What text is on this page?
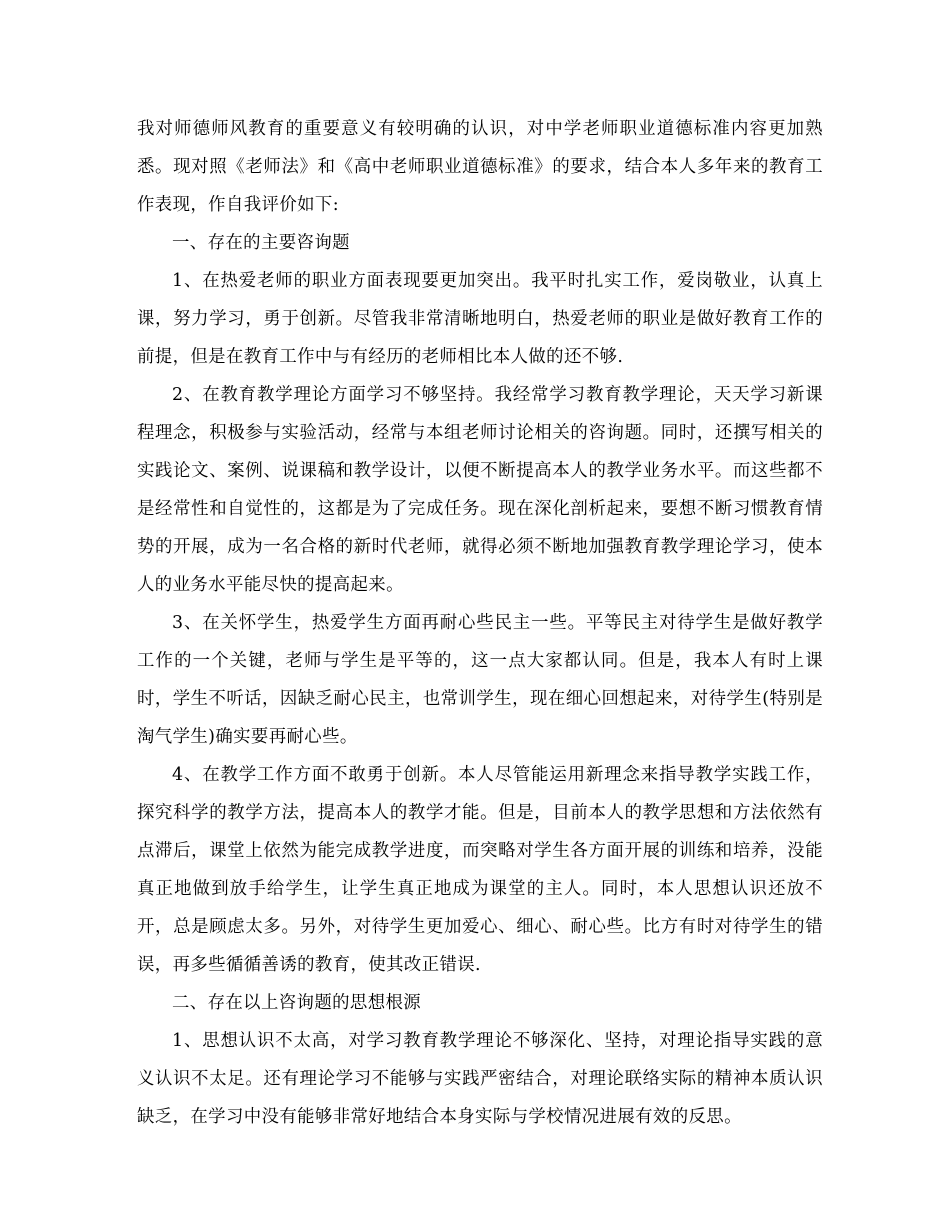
我对师德师风教育的重要意义有较明确的认识，对中学老师职业道德标准内容更加熟悉。现对照《老师法》和《高中老师职业道德标准》的要求，结合本人多年来的教育工作表现，作自我评价如下:

一、存在的主要咨询题

1、在热爱老师的职业方面表现要更加突出。我平时扎实工作，爱岗敬业，认真上课，努力学习，勇于创新。尽管我非常清晰地明白，热爱老师的职业是做好教育工作的前提，但是在教育工作中与有经历的老师相比本人做的还不够.

2、在教育教学理论方面学习不够坚持。我经常学习教育教学理论，天天学习新课程理念，积极参与实验活动，经常与本组老师讨论相关的咨询题。同时，还撰写相关的实践论文、案例、说课稿和教学设计，以便不断提高本人的教学业务水平。而这些都不是经常性和自觉性的，这都是为了完成任务。现在深化剖析起来，要想不断习惯教育情势的开展，成为一名合格的新时代老师，就得必须不断地加强教育教学理论学习，使本人的业务水平能尽快的提高起来。

3、在关怀学生，热爱学生方面再耐心些民主一些。平等民主对待学生是做好教学工作的一个关键，老师与学生是平等的，这一点大家都认同。但是，我本人有时上课时，学生不听话，因缺乏耐心民主，也常训学生，现在细心回想起来，对待学生(特别是淘气学生)确实要再耐心些。

4、在教学工作方面不敢勇于创新。本人尽管能运用新理念来指导教学实践工作，探究科学的教学方法，提高本人的教学才能。但是，目前本人的教学思想和方法依然有点滞后，课堂上依然为能完成教学进度，而突略对学生各方面开展的训练和培养，没能真正地做到放手给学生，让学生真正地成为课堂的主人。同时，本人思想认识还放不开，总是顾虑太多。另外，对待学生更加爱心、细心、耐心些。比方有时对待学生的错误，再多些循循善诱的教育，使其改正错误.

二、存在以上咨询题的思想根源

1、思想认识不太高，对学习教育教学理论不够深化、坚持，对理论指导实践的意义认识不太足。还有理论学习不能够与实践严密结合，对理论联络实际的精神本质认识缺乏，在学习中没有能够非常好地结合本身实际与学校情况进展有效的反思。
